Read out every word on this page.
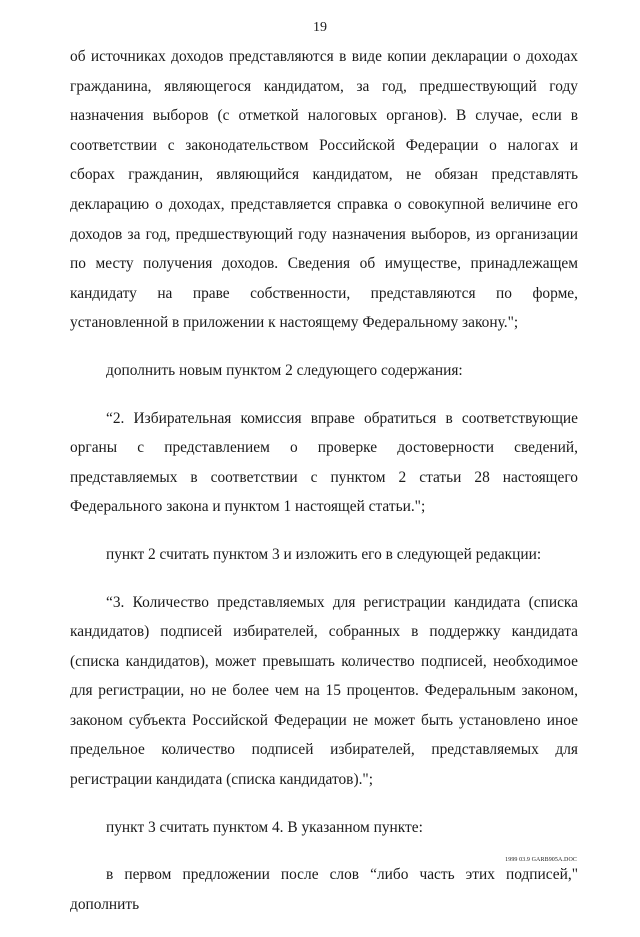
19

об источниках доходов представляются в виде копии декларации о доходах гражданина, являющегося кандидатом, за год, предшествующий году назначения выборов (с отметкой налоговых органов). В случае, если в соответствии с законодательством Российской Федерации о налогах и сборах гражданин, являющийся кандидатом, не обязан представлять декларацию о доходах, представляется справка о совокупной величине его доходов за год, предшествующий году назначения выборов, из организации по месту получения доходов. Сведения об имуществе, принадлежащем кандидату на праве собственности, представляются по форме, установленной в приложении к настоящему Федеральному закону.";

дополнить новым пунктом 2 следующего содержания:

“2. Избирательная комиссия вправе обратиться в соответствующие органы с представлением о проверке достоверности сведений, представляемых в соответствии с пунктом 2 статьи 28 настоящего Федерального закона и пунктом 1 настоящей статьи.";

пункт 2 считать пунктом 3 и изложить его в следующей редакции:

“3. Количество представляемых для регистрации кандидата (списка кандидатов) подписей избирателей, собранных в поддержку кандидата (списка кандидатов), может превышать количество подписей, необходимое для регистрации, но не более чем на 15 процентов. Федеральным законом, законом субъекта Российской Федерации не может быть установлено иное предельное количество подписей избирателей, представляемых для регистрации кандидата (списка кандидатов).";

пункт 3 считать пунктом 4. В указанном пункте:

в первом предложении после слов “либо часть этих подписей," дополнить

1999 03.9 GARB905A.DOC
